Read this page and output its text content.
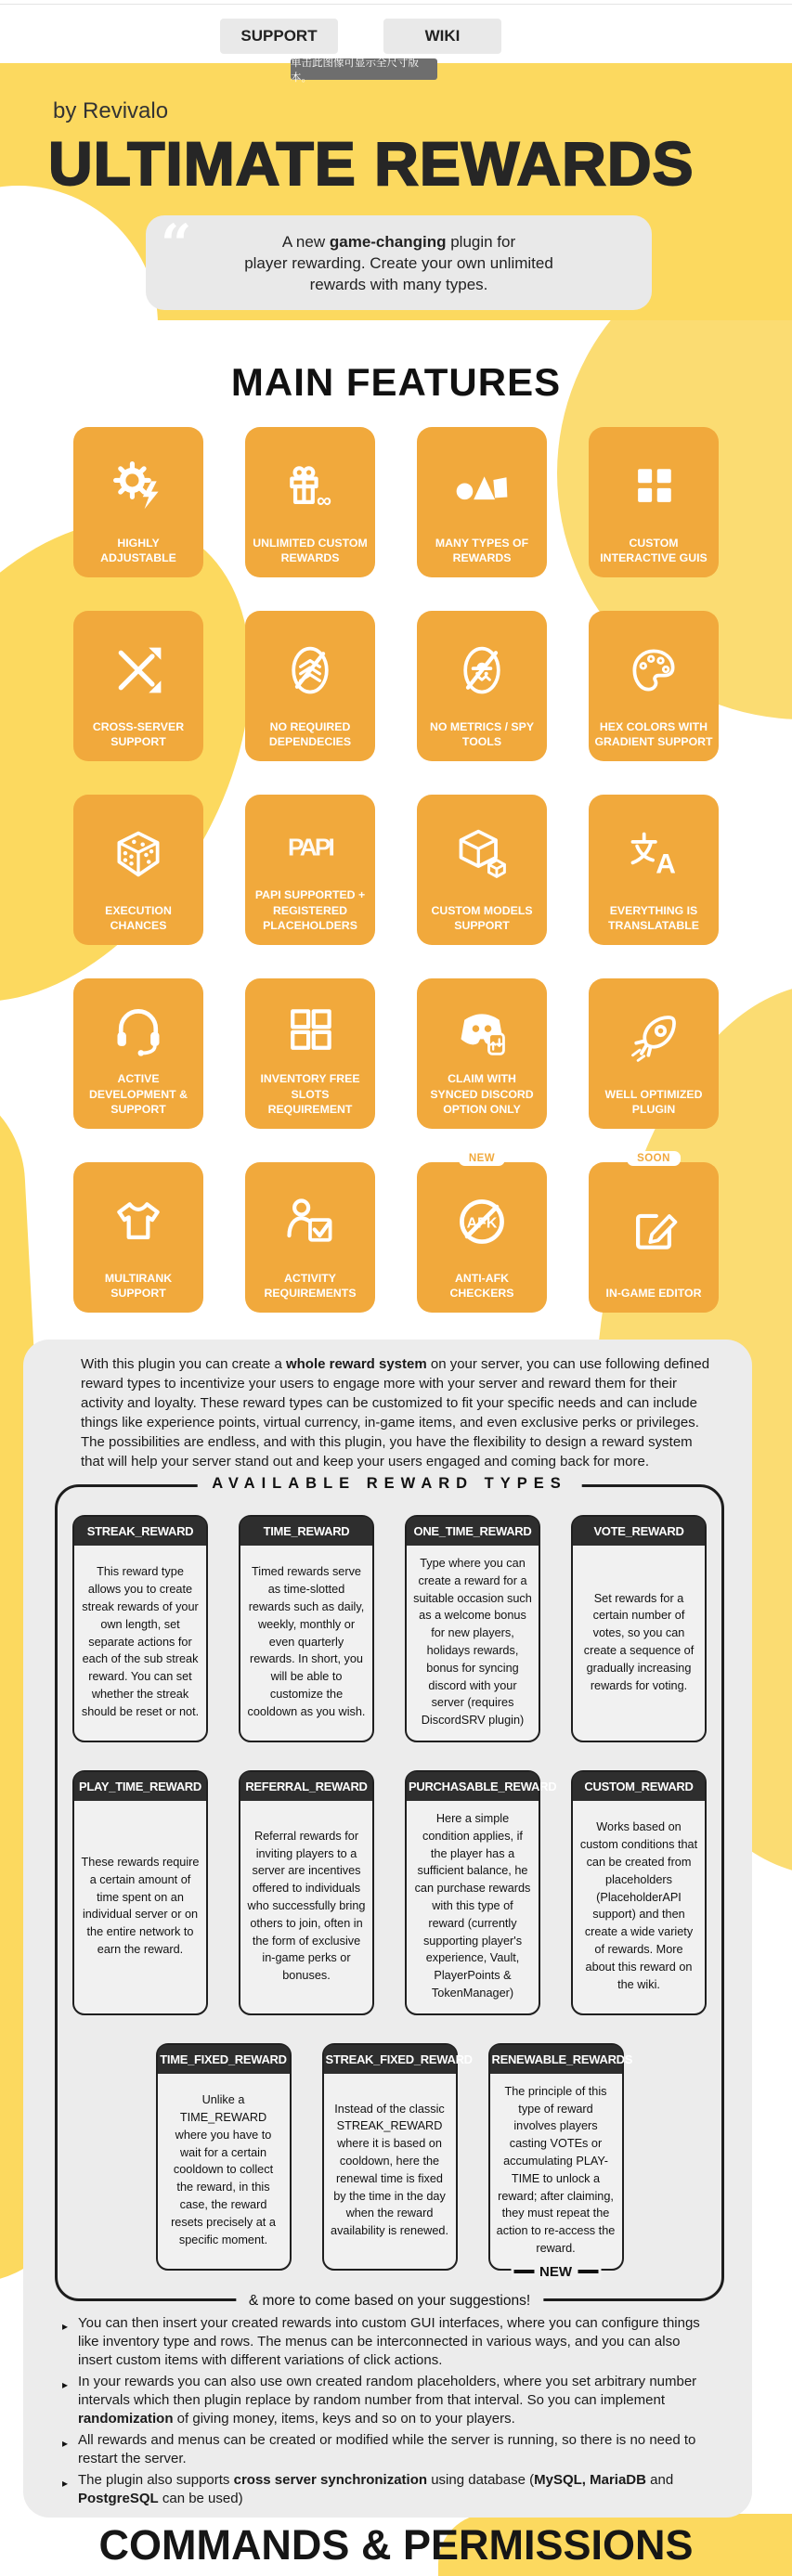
SUPPORT	WIKI
单击此图像可显示全尺寸版本。
by Revivalo
ULTIMATE REWARDS
“	A new game-changing plugin for
player rewarding. Create your own unlimited
rewards with many types.
MAIN FEATURES
HIGHLY ADJUSTABLE
∞
UNLIMITED CUSTOM REWARDS
MANY TYPES OF REWARDS
CUSTOM INTERACTIVE GUIS
CROSS-SERVER SUPPORT
NO REQUIRED DEPENDECIES
NO METRICS / SPY TOOLS
HEX COLORS WITH GRADIENT SUPPORT
EXECUTION CHANCES
PAPI
PAPI SUPPORTED + REGISTERED PLACEHOLDERS
CUSTOM MODELS SUPPORT
A
EVERYTHING IS TRANSLATABLE
ACTIVE DEVELOPMENT & SUPPORT
INVENTORY FREE SLOTS REQUIREMENT
CLAIM WITH SYNCED DISCORD OPTION ONLY
WELL OPTIMIZED PLUGIN
MULTIRANK SUPPORT
ACTIVITY REQUIREMENTS
NEW
AFK
ANTI-AFK CHECKERS
SOON
IN-GAME EDITOR

With this plugin you can create a whole reward system on your server, you can use following defined reward types to incentivize your users to engage more with your server and reward them for their activity and loyalty. These reward types can be customized to fit your specific needs and can include things like experience points, virtual currency, in-game items, and even exclusive perks or privileges. The possibilities are endless, and with this plugin, you have the flexibility to design a reward system that will help your server stand out and keep your users engaged and coming back for more.

AVAILABLE REWARD TYPES
STREAK_REWARD
This reward type allows you to create streak rewards of your own length, set separate actions for each of the sub streak reward. You can set whether the streak should be reset or not.
TIME_REWARD
Timed rewards serve as time-slotted rewards such as daily, weekly, monthly or even quarterly rewards. In short, you will be able to customize the cooldown as you wish.
ONE_TIME_REWARD
Type where you can create a reward for a suitable occasion such as a welcome bonus for new players, holidays rewards, bonus for syncing discord with your server (requires DiscordSRV plugin)
VOTE_REWARD
Set rewards for a certain number of votes, so you can create a sequence of gradually increasing rewards for voting.
PLAY_TIME_REWARD
These rewards require a certain amount of time spent on an individual server or on the entire network to earn the reward.
REFERRAL_REWARD
Referral rewards for inviting players to a server are incentives offered to individuals who successfully bring others to join, often in the form of exclusive in-game perks or bonuses.
PURCHASABLE_REWARD
Here a simple condition applies, if the player has a sufficient balance, he can purchase rewards with this type of reward (currently supporting player's experience, Vault, PlayerPoints & TokenManager)
CUSTOM_REWARD
Works based on custom conditions that can be created from placeholders (PlaceholderAPI support) and then create a wide variety of rewards. More about this reward on the wiki.
TIME_FIXED_REWARD
Unlike a TIME_REWARD where you have to wait for a certain cooldown to collect the reward, in this case, the reward resets precisely at a specific moment.
STREAK_FIXED_REWARD
Instead of the classic STREAK_REWARD where it is based on cooldown, here the renewal time is fixed by the time in the day when the reward availability is renewed.
RENEWABLE_REWARDS
The principle of this type of reward involves players casting VOTEs or accumulating PLAY-TIME to unlock a reward; after claiming, they must repeat the action to re-access the reward.
NEW
& more to come based on your suggestions!
▸ You can then insert your created rewards into custom GUI interfaces, where you can configure things like inventory type and rows. The menus can be interconnected in various ways, and you can also insert custom items with different variations of click actions.
▸ In your rewards you can also use own created random placeholders, where you set arbitrary number intervals which then plugin replace by random number from that interval. So you can implement randomization of giving money, items, keys and so on to your players.
▸ All rewards and menus can be created or modified while the server is running, so there is no need to restart the server.
▸ The plugin also supports cross server synchronization using database (MySQL, MariaDB and PostgreSQL can be used)
COMMANDS & PERMISSIONS
